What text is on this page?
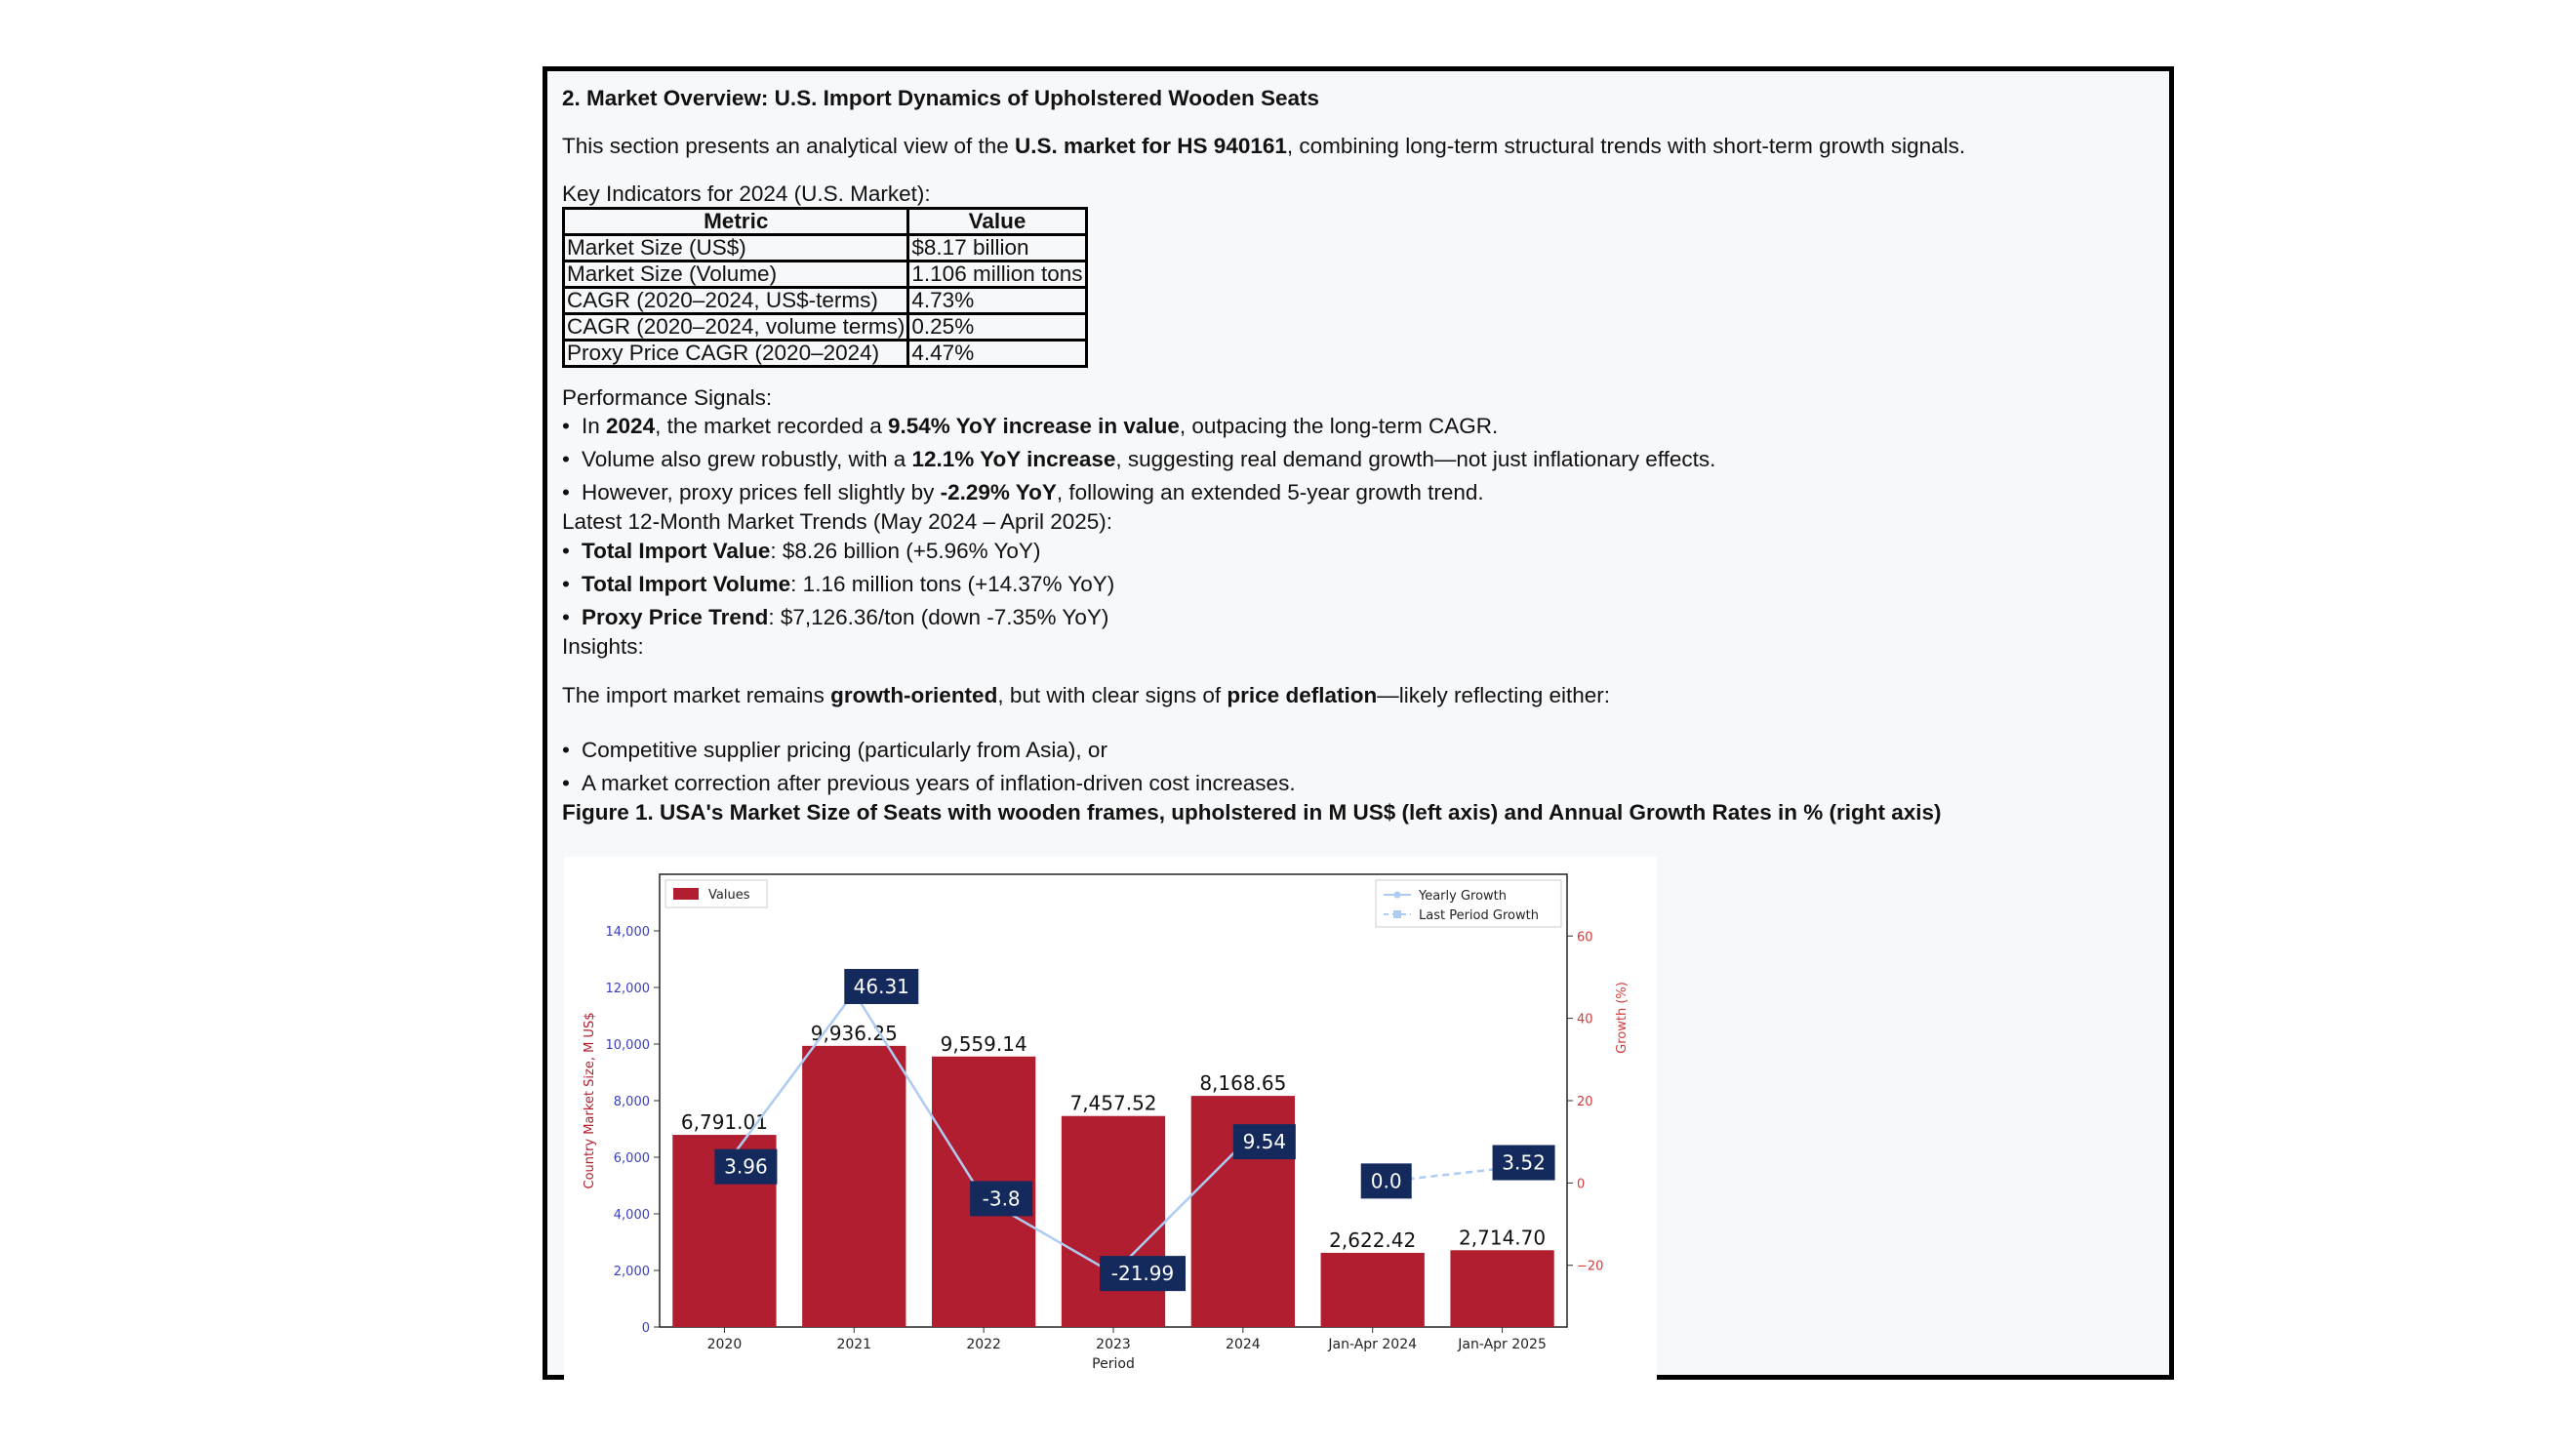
2. Market Overview: U.S. Import Dynamics of Upholstered Wooden Seats
This section presents an analytical view of the U.S. market for HS 940161, combining long-term structural trends with short-term growth signals.
Key Indicators for 2024 (U.S. Market):
Metric	Value
Market Size (US$)	$8.17 billion
Market Size (Volume)	1.106 million tons
CAGR (2020–2024, US$-terms)	4.73%
CAGR (2020–2024, volume terms)	0.25%
Proxy Price CAGR (2020–2024)	4.47%
Performance Signals:
• In 2024, the market recorded a 9.54% YoY increase in value, outpacing the long-term CAGR.
• Volume also grew robustly, with a 12.1% YoY increase, suggesting real demand growth—not just inflationary effects.
• However, proxy prices fell slightly by -2.29% YoY, following an extended 5-year growth trend.
Latest 12-Month Market Trends (May 2024 – April 2025):
• Total Import Value: $8.26 billion (+5.96% YoY)
• Total Import Volume: 1.16 million tons (+14.37% YoY)
• Proxy Price Trend: $7,126.36/ton (down -7.35% YoY)
Insights:
The import market remains growth-oriented, but with clear signs of price deflation—likely reflecting either:
• Competitive supplier pricing (particularly from Asia), or
• A market correction after previous years of inflation-driven cost increases.
Figure 1. USA's Market Size of Seats with wooden frames, upholstered in M US$ (left axis) and Annual Growth Rates in % (right axis)
6,791.01
9,936.25 9,559.14
7,457.52
8,168.65
2,622.42 2,714.70
0
2,000
4,000
6,000
8,000
10,000
12,000
14,000
−20
0
20
40
60
2020	2021	2022	2023	2024	Jan-Apr 2024	Jan-Apr 2025
Period
Country Market Size, M US$	Growth (%)
3.96
46.31
-3.8
-21.99
9.54
0.0
3.52
Values	Yearly Growth
Last Period Growth
